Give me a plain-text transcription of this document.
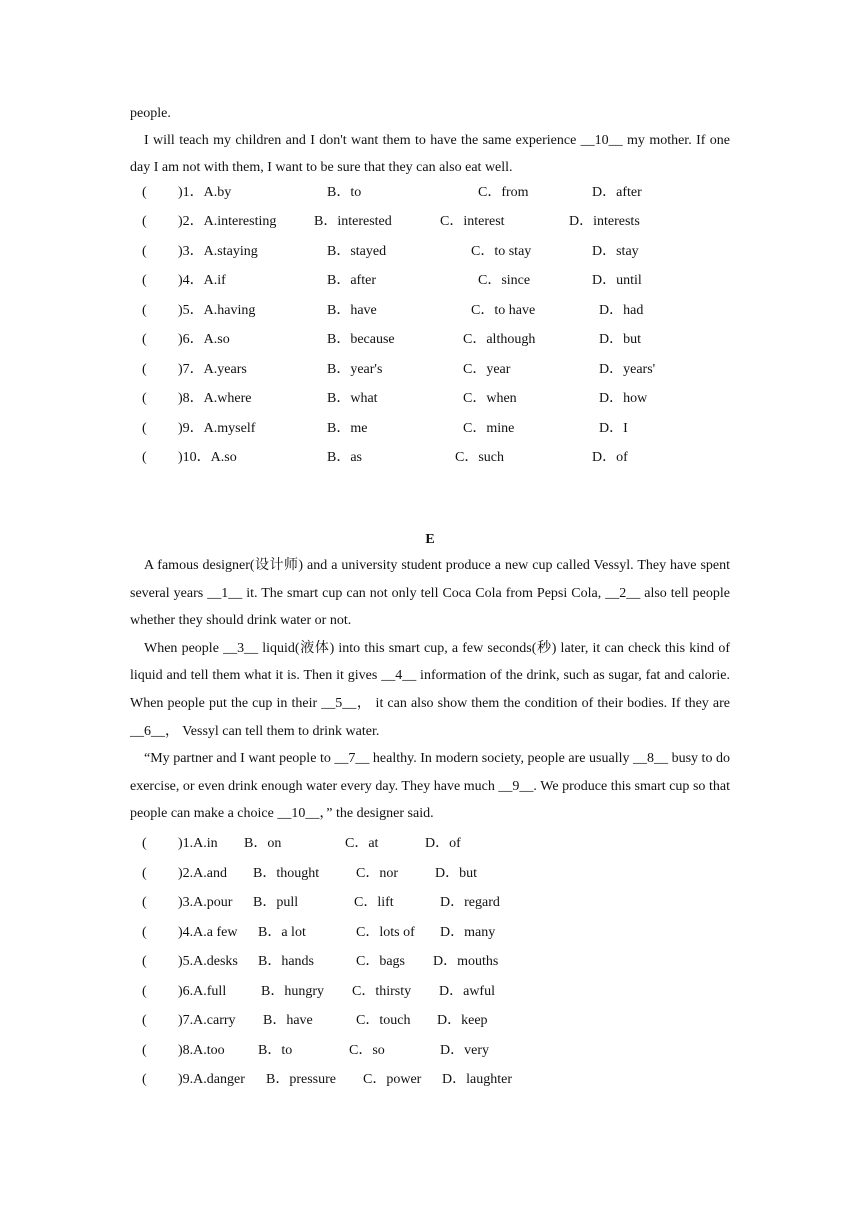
people.
I will teach my children and I don't want them to have the same experience __10__ my mother. If one day I am not with them, I want to be sure that they can also eat well.
( )1．A.by	B．to	C．from	D．after
( )2．A.interesting	B．interested	C．interest	D．interests
( )3．A.staying	B．stayed	C．to stay	D．stay
( )4．A.if	B．after	C．since	D．until
( )5．A.having	B．have	C．to have	D．had
( )6．A.so	B．because	C．although	D．but
( )7．A.years	B．year's	C．year	D．years'
( )8．A.where	B．what	C．when	D．how
( )9．A.myself	B．me	C．mine	D．I
( )10．A.so	B．as	C．such	D．of
E
A famous designer(设计师) and a university student produce a new cup called Vessyl. They have spent several years __1__ it. The smart cup can not only tell Coca Cola from Pepsi Cola, __2__ also tell people whether they should drink water or not.
When people __3__ liquid(液体) into this smart cup, a few seconds(秒) later, it can check this kind of liquid and tell them what it is. Then it gives __4__ information of the drink, such as sugar, fat and calorie. When people put the cup in their __5__， it can also show them the condition of their bodies. If they are __6__， Vessyl can tell them to drink water.
“My partner and I want people to __7__ healthy. In modern society, people are usually __8__ busy to do exercise, or even drink enough water every day. They have much __9__. We produce this smart cup so that people can make a choice __10__，” the designer said.
( )1.A.in B．on	C．at	D．of
( )2.A.and B．thought	C．nor	D．but
( )3.A.pour B．pull	C．lift	D．regard
( )4.A.a few B．a lot	C．lots of D．many
( )5.A.desks B．hands	C．bags D．mouths
( )6.A.full B．hungry C．thirsty D．awful
( )7.A.carry B．have	C．touch D．keep
( )8.A.too B．to	C．so	D．very
( )9.A.danger B．pressure C．power D．laughter
